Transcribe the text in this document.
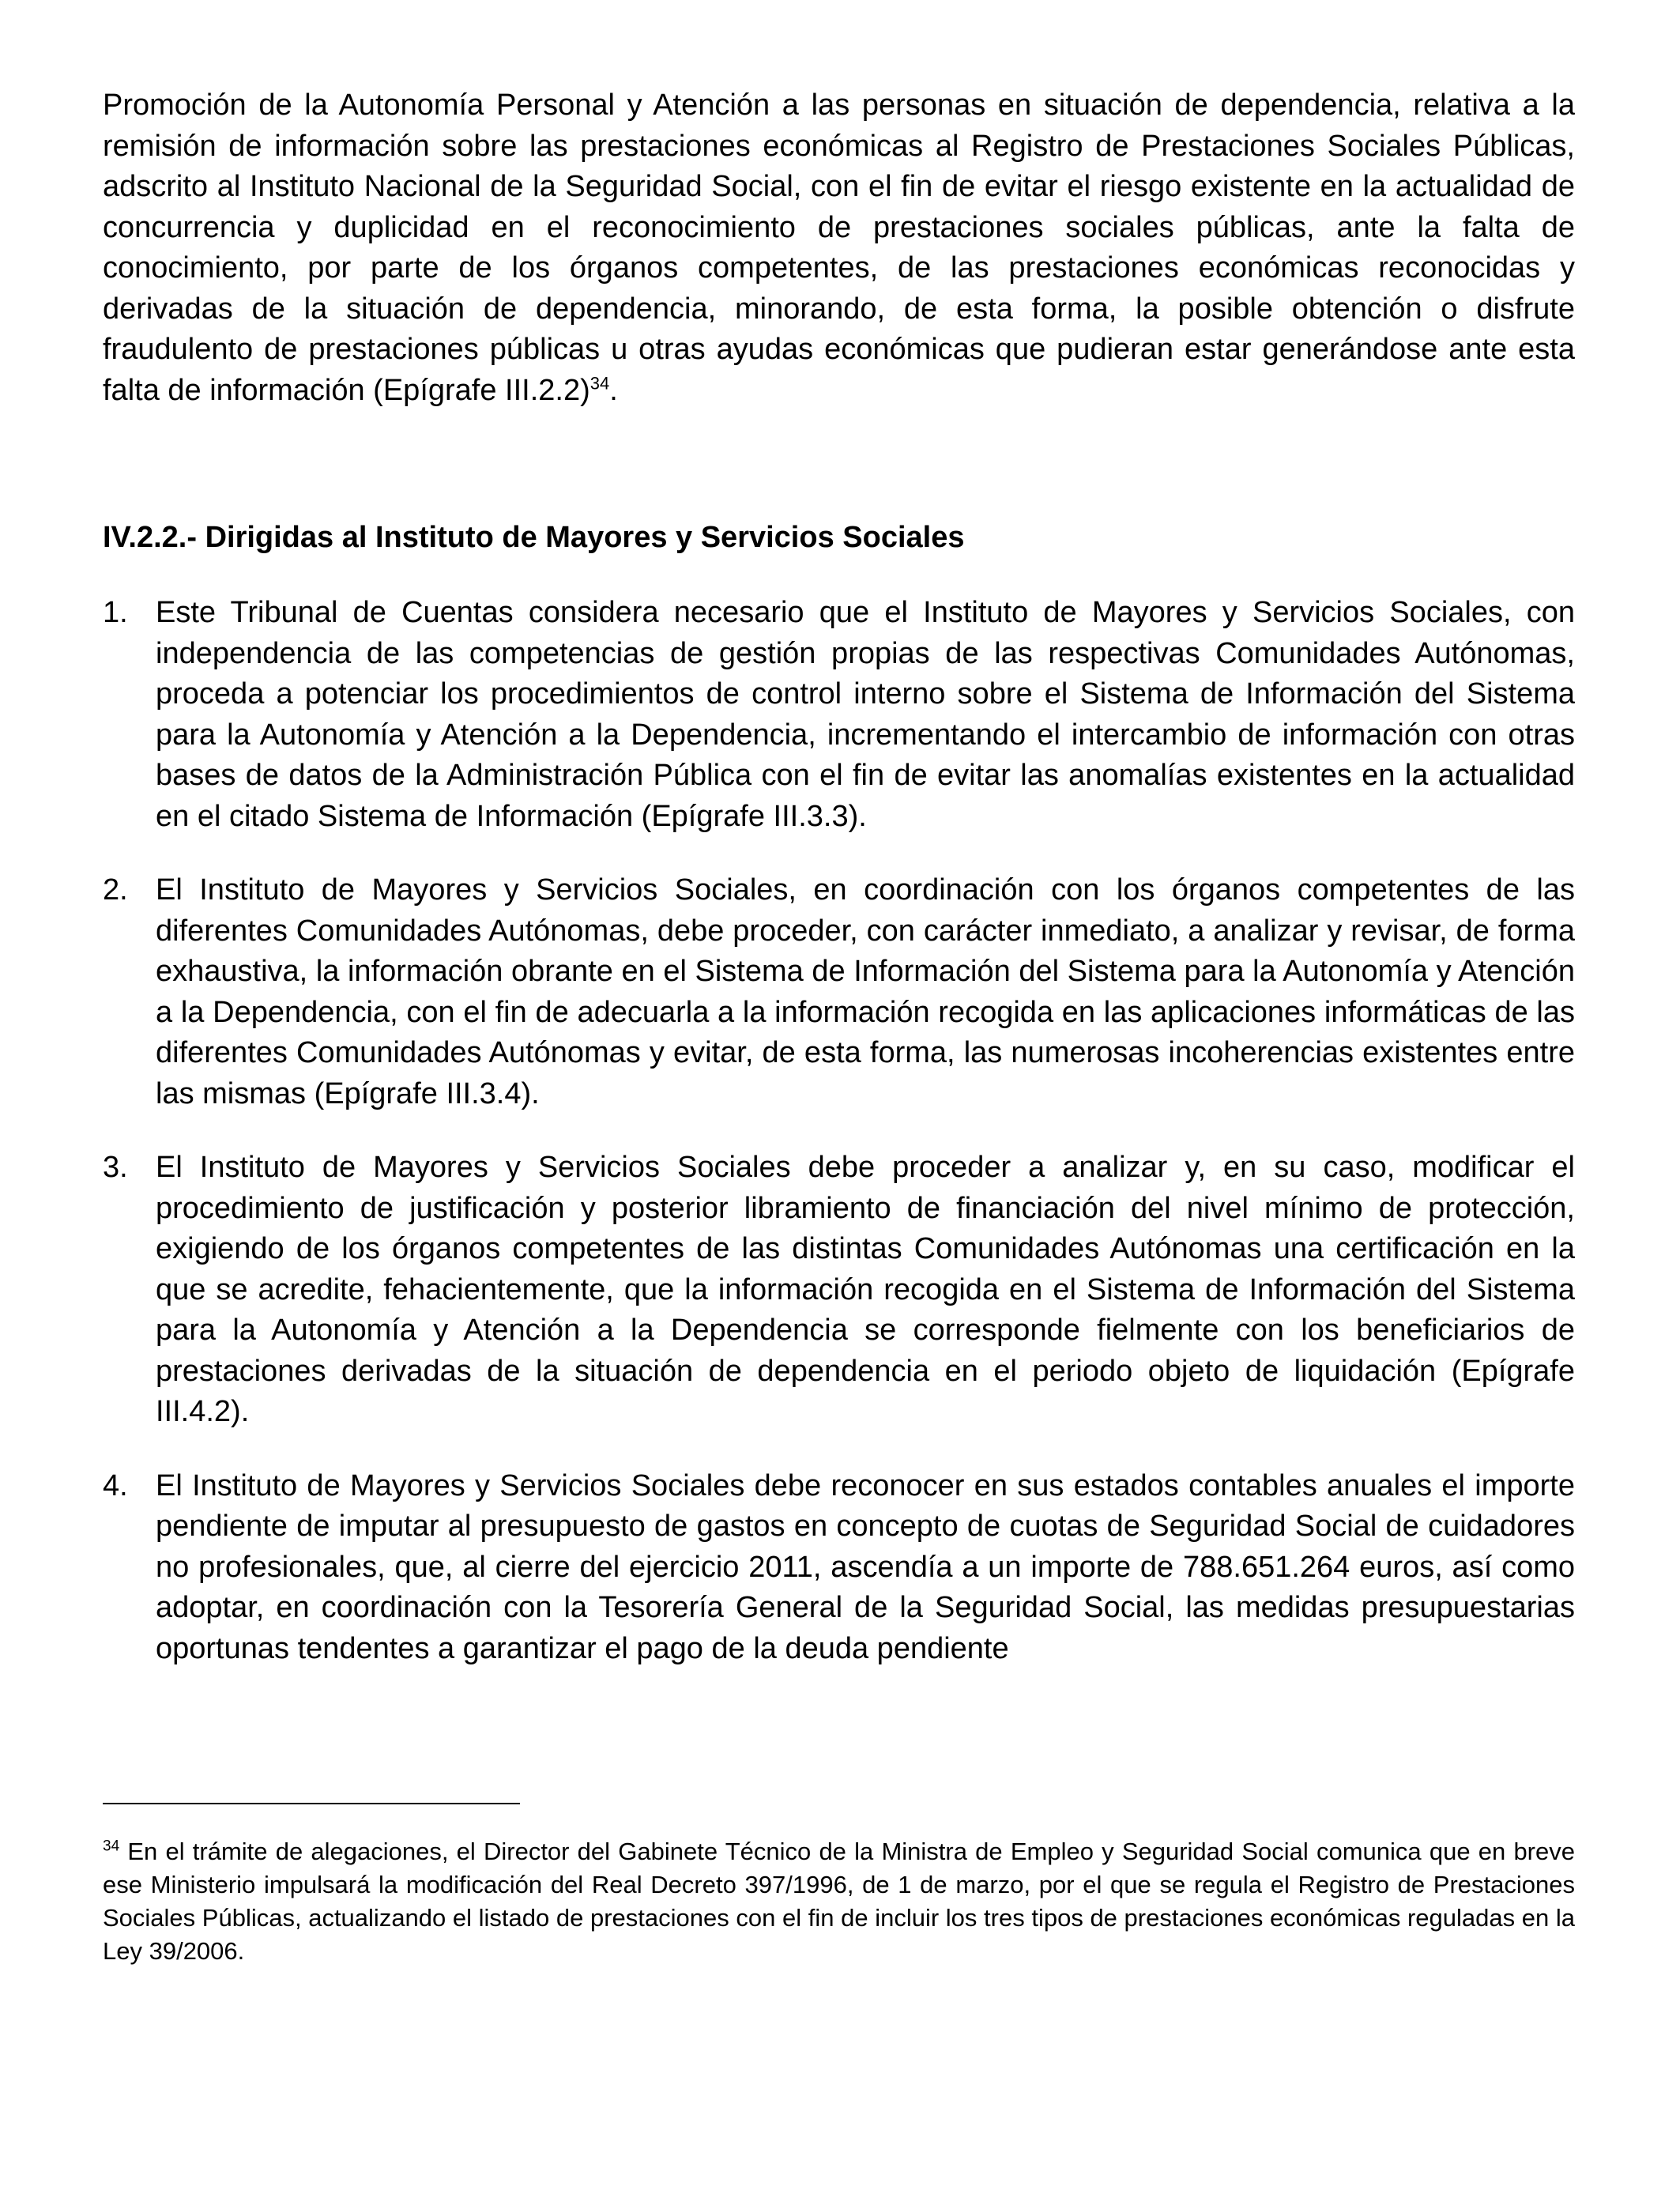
Promoción de la Autonomía Personal y Atención a las personas en situación de dependencia, relativa a la remisión de información sobre las prestaciones económicas al Registro de Prestaciones Sociales Públicas, adscrito al Instituto Nacional de la Seguridad Social, con el fin de evitar el riesgo existente en la actualidad de concurrencia y duplicidad en el reconocimiento de prestaciones sociales públicas, ante la falta de conocimiento, por parte de los órganos competentes, de las prestaciones económicas reconocidas y derivadas de la situación de dependencia, minorando, de esta forma, la posible obtención o disfrute fraudulento de prestaciones públicas u otras ayudas económicas que pudieran estar generándose ante esta falta de información (Epígrafe III.2.2)$^{34}$.

IV.2.2.- Dirigidas al Instituto de Mayores y Servicios Sociales
1. Este Tribunal de Cuentas considera necesario que el Instituto de Mayores y Servicios Sociales, con independencia de las competencias de gestión propias de las respectivas Comunidades Autónomas, proceda a potenciar los procedimientos de control interno sobre el Sistema de Información del Sistema para la Autonomía y Atención a la Dependencia, incrementando el intercambio de información con otras bases de datos de la Administración Pública con el fin de evitar las anomalías existentes en la actualidad en el citado Sistema de Información (Epígrafe III.3.3).

2. El Instituto de Mayores y Servicios Sociales, en coordinación con los órganos competentes de las diferentes Comunidades Autónomas, debe proceder, con carácter inmediato, a analizar y revisar, de forma exhaustiva, la información obrante en el Sistema de Información del Sistema para la Autonomía y Atención a la Dependencia, con el fin de adecuarla a la información recogida en las aplicaciones informáticas de las diferentes Comunidades Autónomas y evitar, de esta forma, las numerosas incoherencias existentes entre las mismas (Epígrafe III.3.4).

3. El Instituto de Mayores y Servicios Sociales debe proceder a analizar y, en su caso, modificar el procedimiento de justificación y posterior libramiento de financiación del nivel mínimo de protección, exigiendo de los órganos competentes de las distintas Comunidades Autónomas una certificación en la que se acredite, fehacientemente, que la información recogida en el Sistema de Información del Sistema para la Autonomía y Atención a la Dependencia se corresponde fielmente con los beneficiarios de prestaciones derivadas de la situación de dependencia en el periodo objeto de liquidación (Epígrafe III.4.2).

4. El Instituto de Mayores y Servicios Sociales debe reconocer en sus estados contables anuales el importe pendiente de imputar al presupuesto de gastos en concepto de cuotas de Seguridad Social de cuidadores no profesionales, que, al cierre del ejercicio 2011, ascendía a un importe de 788.651.264 euros, así como adoptar, en coordinación con la Tesorería General de la Seguridad Social, las medidas presupuestarias oportunas tendentes a garantizar el pago de la deuda pendiente

$^{34}$ En el trámite de alegaciones, el Director del Gabinete Técnico de la Ministra de Empleo y Seguridad Social comunica que en breve ese Ministerio impulsará la modificación del Real Decreto 397/1996, de 1 de marzo, por el que se regula el Registro de Prestaciones Sociales Públicas, actualizando el listado de prestaciones con el fin de incluir los tres tipos de prestaciones económicas reguladas en la Ley 39/2006.
